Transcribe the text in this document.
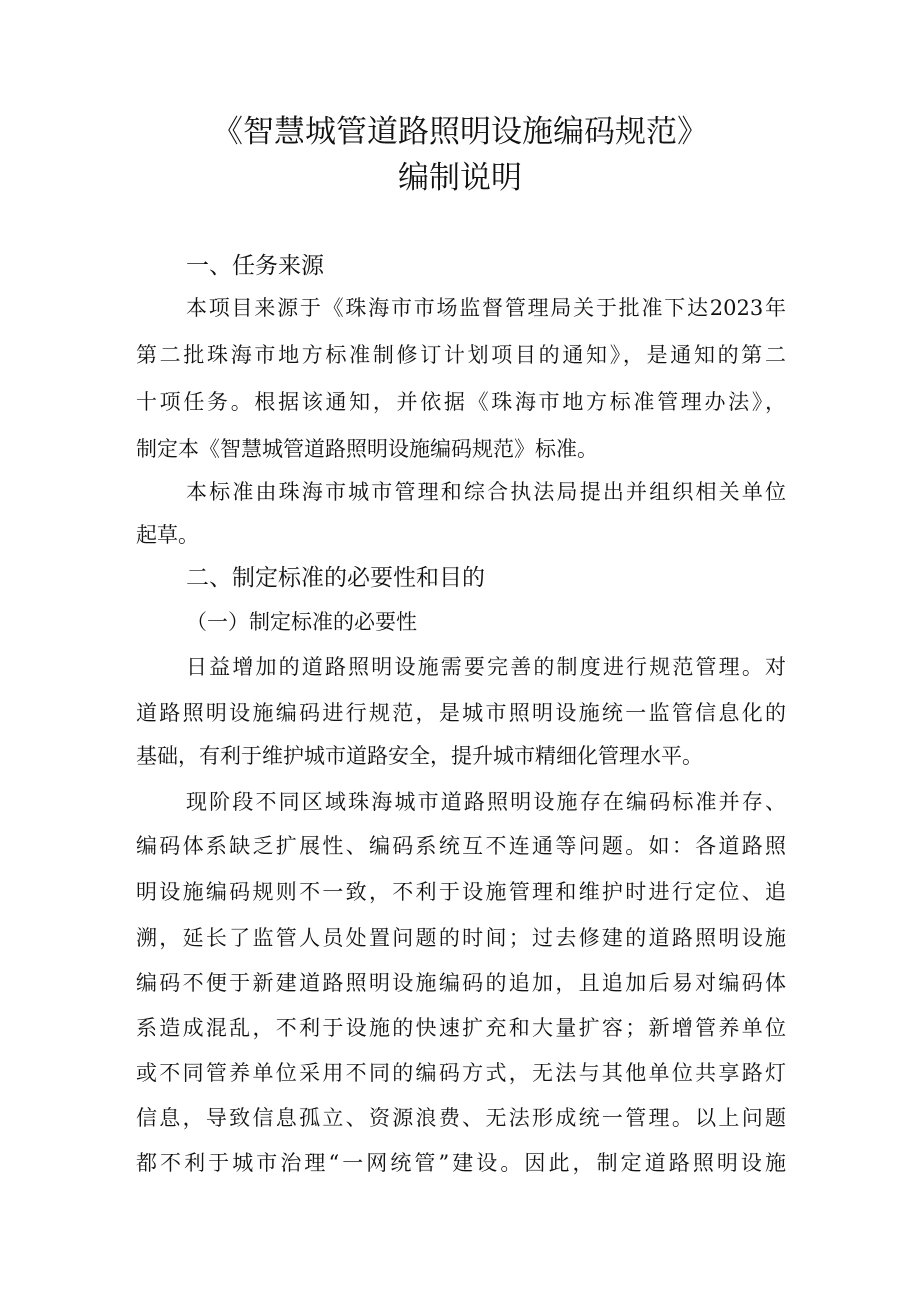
《智慧城管道路照明设施编码规范》
编制说明
一、任务来源
本项目来源于《珠海市市场监督管理局关于批准下达2023年
第二批珠海市地方标准制修订计划项目的通知》，是通知的第二
十项任务。根据该通知，并依据《珠海市地方标准管理办法》，
制定本《智慧城管道路照明设施编码规范》标准。
本标准由珠海市城市管理和综合执法局提出并组织相关单位
起草。
二、制定标准的必要性和目的
（一）制定标准的必要性
日益增加的道路照明设施需要完善的制度进行规范管理。对
道路照明设施编码进行规范，是城市照明设施统一监管信息化的
基础，有利于维护城市道路安全，提升城市精细化管理水平。
现阶段不同区域珠海城市道路照明设施存在编码标准并存、
编码体系缺乏扩展性、编码系统互不连通等问题。如：各道路照
明设施编码规则不一致，不利于设施管理和维护时进行定位、追
溯，延长了监管人员处置问题的时间；过去修建的道路照明设施
编码不便于新建道路照明设施编码的追加，且追加后易对编码体
系造成混乱，不利于设施的快速扩充和大量扩容；新增管养单位
或不同管养单位采用不同的编码方式，无法与其他单位共享路灯
信息，导致信息孤立、资源浪费、无法形成统一管理。以上问题
都不利于城市治理“一网统管”建设。因此，制定道路照明设施
